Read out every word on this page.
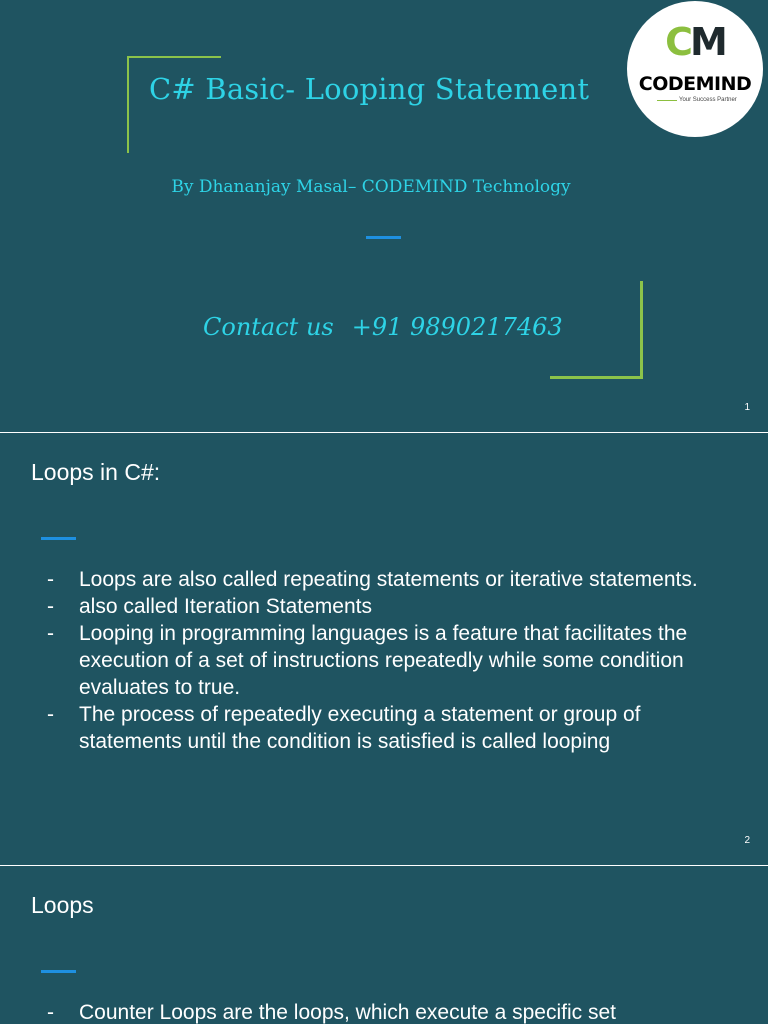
C# Basic- Looping Statement
By Dhananjay Masal– CODEMIND Technology
Contact us +91 9890217463
CM
CODEMIND
Your Success Partner
1
Loops in C#:
- Loops are also called repeating statements or iterative statements.
- also called Iteration Statements
- Looping in programming languages is a feature that facilitates the execution of a set of instructions repeatedly while some condition evaluates to true.
- The process of repeatedly executing a statement or group of statements until the condition is satisfied is called looping
2
Loops
- Counter Loops are the loops, which execute a specific set
